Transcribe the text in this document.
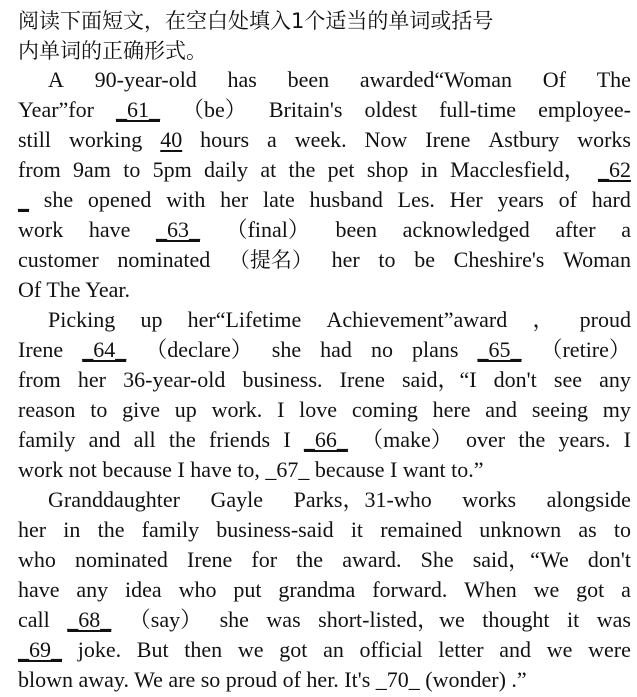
阅读下面短文，在空白处填入1个适当的单词或括号
内单词的正确形式。
A 90-year-old has been awarded“Woman Of The
Year”for _61_ （be） Britain's oldest full-time employee-
still working 40 hours a week. Now Irene Astbury works
from 9am to 5pm daily at the pet shop in Macclesfield， _62
_ she opened with her late husband Les. Her years of hard
work have _63_ （final） been acknowledged after a
customer nominated （提名） her to be Cheshire's Woman
Of The Year.
Picking up her“Lifetime Achievement”award ， proud
Irene _64_ （declare） she had no plans _65_ （retire）
from her 36-year-old business. Irene said，“I don't see any
reason to give up work. I love coming here and seeing my
family and all the friends I _66_ （make） over the years. I
work not because I have to, _67_ because I want to.”
Granddaughter Gayle Parks，31-who works alongside
her in the family business-said it remained unknown as to
who nominated Irene for the award. She said，“We don't
have any idea who put grandma forward. When we got a
call _68_ （say） she was short-listed，we thought it was
_69_ joke. But then we got an official letter and we were
blown away. We are so proud of her. It's _70_ (wonder) .”
